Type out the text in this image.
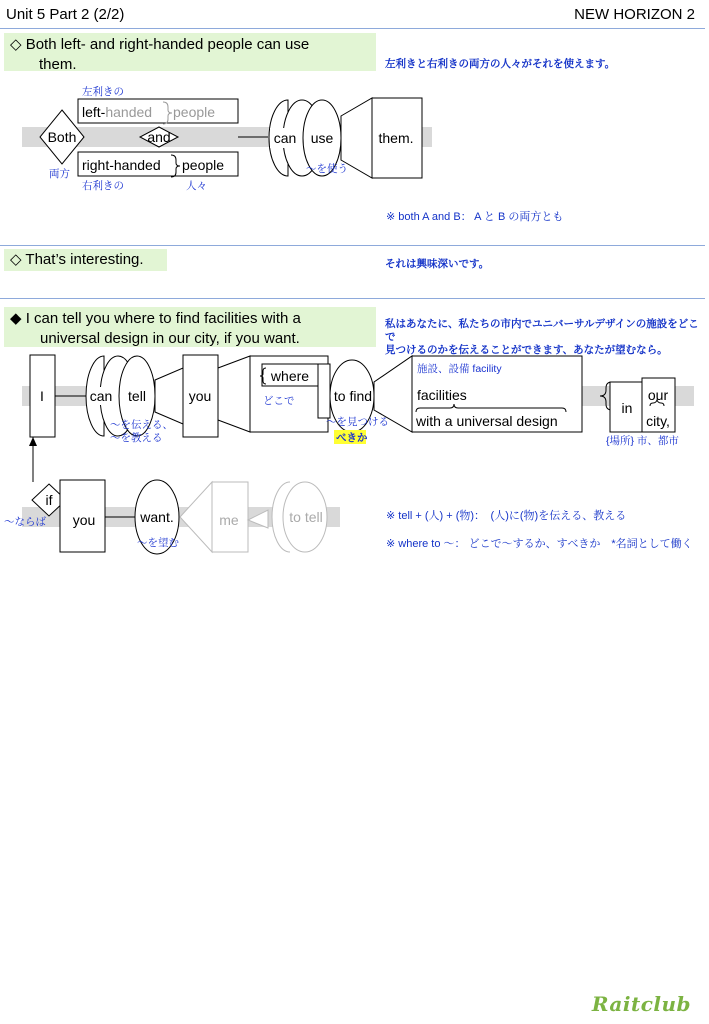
Unit 5 Part 2 (2/2)	NEW HORIZON 2
◇ Both left- and right-handed people can use
them.	左利きと右利きの両方の人々がそれを使えます。
Both	and
left-handed people
right-handed people
can use	them.
左利きの
両方
右利きの	人々
〜を使う
※ both A and B： A と B の両方とも
◇ That’s interesting.	それは興味深いです。
◆ I can tell you where to find facilities with a
universal design in our city, if you want.
私はあなたに、私たちの市内でユニバーサルデザインの施設をどこで
見つけるのかを伝えることができます、あなたが望むなら。
I	can tell	you
where
to find	facilities
with a universal design
in
our
city,
施設、設備 facility
〜を伝える、
〜を教える
どこで
〜を見つける
べきか	{場所} 市、都市
if
you	want.	me	to tell
〜ならば
〜を望む
※ tell + (人) + (物)：　(人)に(物)を伝える、教える
※ where to 〜： どこで〜するか、すべきか　*名詞として働く
Raitclub
